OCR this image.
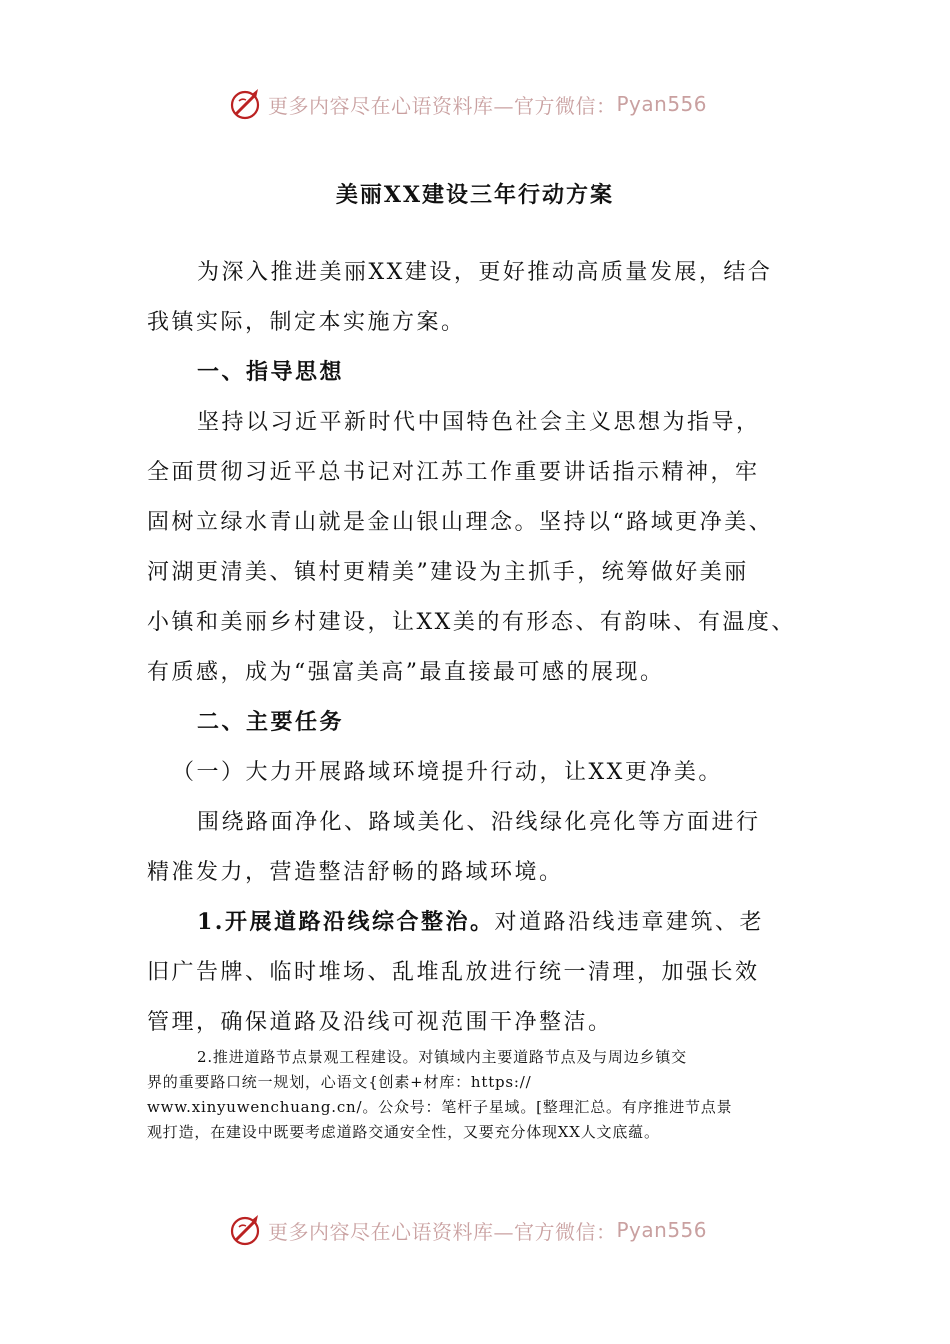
更多内容尽在心语资料库—官方微信： Pyan556
美丽XX建设三年行动方案

为深入推进美丽XX建设，更好推动高质量发展，结合

我镇实际，制定本实施方案。

一、指导思想

坚持以习近平新时代中国特色社会主义思想为指导，

全面贯彻习近平总书记对江苏工作重要讲话指示精神，牢

固树立绿水青山就是金山银山理念。坚持以“路域更净美、

河湖更清美、镇村更精美”建设为主抓手，统筹做好美丽

小镇和美丽乡村建设，让XX美的有形态、有韵味、有温度、

有质感，成为“强富美高”最直接最可感的展现。

二、主要任务

（一）大力开展路域环境提升行动，让XX更净美。

围绕路面净化、路域美化、沿线绿化亮化等方面进行

精准发力，营造整洁舒畅的路域环境。

1.开展道路沿线综合整治。对道路沿线违章建筑、老

旧广告牌、临时堆场、乱堆乱放进行统一清理，加强长效

管理，确保道路及沿线可视范围干净整洁。

2.推进道路节点景观工程建设。对镇域内主要道路节点及与周边乡镇交

界的重要路口统一规划，心语文{创素+材库：https://

www.xinyuwenchuang.cn/。公众号：笔杆子星域。[整理汇总。有序推进节点景

观打造，在建设中既要考虑道路交通安全性，又要充分体现XX人文底蕴。

更多内容尽在心语资料库—官方微信： Pyan556
